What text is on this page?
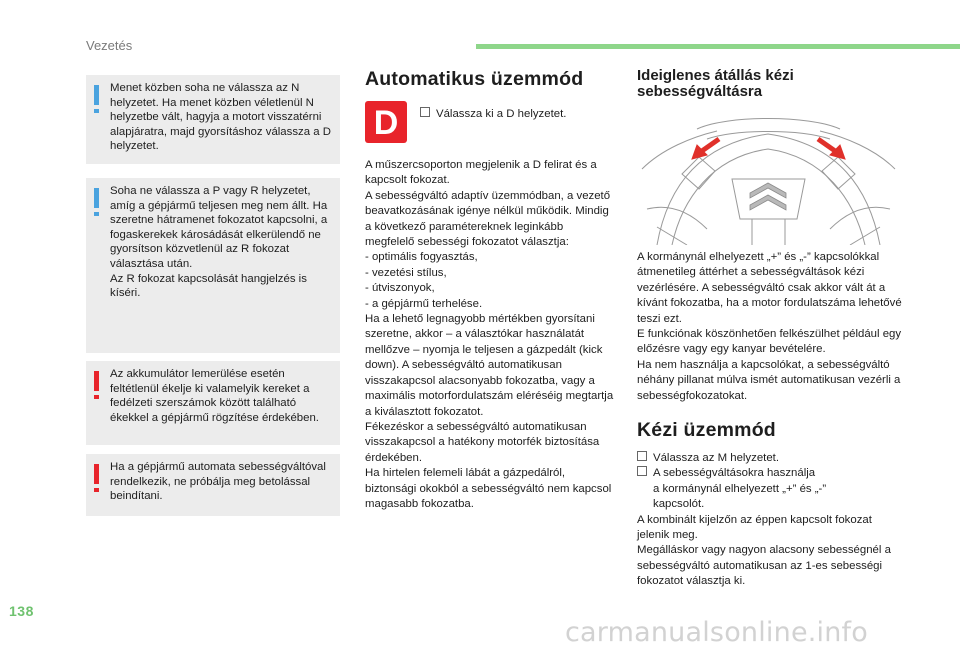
Vezetés

Menet közben soha ne válassza az N helyzetet. Ha menet közben véletlenül N helyzetbe vált, hagyja a motort visszatérni alapjáratra, majd gyorsításhoz válassza a D helyzetet.

Soha ne válassza a P vagy R helyzetet, amíg a gépjármű teljesen meg nem állt. Ha szeretne hátramenet fokozatot kapcsolni, a fogaskerekek károsádását elkerülendő ne gyorsítson közvetlenül az R fokozat választása után.

Az R fokozat kapcsolását hangjelzés is kíséri.

Az akkumulátor lemerülése esetén feltétlenül ékelje ki valamelyik kereket a fedélzeti szerszámok között található ékekkel a gépjármű rögzítése érdekében.

Ha a gépjármű automata sebességváltóval rendelkezik, ne próbálja meg betolással beindítani.

Automatikus üzemmód
D	Válassza ki a D helyzetet.

A műszercsoporton megjelenik a D felirat és a kapcsolt fokozat.

A sebességváltó adaptív üzemmódban, a vezető beavatkozásának igénye nélkül működik. Mindig a következő paramétereknek leginkább megfelelő sebességi fokozatot választja:

- optimális fogyasztás,
- vezetési stílus,
- útviszonyok,
- a gépjármű terhelése.

Ha a lehető legnagyobb mértékben gyorsítani szeretne, akkor – a választókar használatát mellőzve – nyomja le teljesen a gázpedált (kick down). A sebességváltó automatikusan visszakapcsol alacsonyabb fokozatba, vagy a maximális motorfordulatszám eléréséig megtartja a kiválasztott fokozatot.

Fékezéskor a sebességváltó automatikusan visszakapcsol a hatékony motorfék biztosítása érdekében.

Ha hirtelen felemeli lábát a gázpedálról, biztonsági okokból a sebességváltó nem kapcsol magasabb fokozatba.

Ideiglenes átállás kézi
sebességváltásra

A kormánynál elhelyezett „+” és „-” kapcsolókkal átmenetileg áttérhet a sebességváltások kézi vezérlésére. A sebességváltó csak akkor vált át a kívánt fokozatba, ha a motor fordulatszáma lehetővé teszi ezt.

E funkciónak köszönhetően felkészülhet például egy előzésre vagy egy kanyar bevételére.

Ha nem használja a kapcsolókat, a sebességváltó néhány pillanat múlva ismét automatikusan vezérli a sebességfokozatokat.

Kézi üzemmód
Válassza az M helyzetet.
A sebességváltásokra használja
a kormánynál elhelyezett „+” és „-”
kapcsolót.

A kombinált kijelzőn az éppen kapcsolt fokozat jelenik meg.

Megálláskor vagy nagyon alacsony sebességnél a sebességváltó automatikusan az 1-es sebességi fokozatot választja ki.

138
carmanualsonline.info
